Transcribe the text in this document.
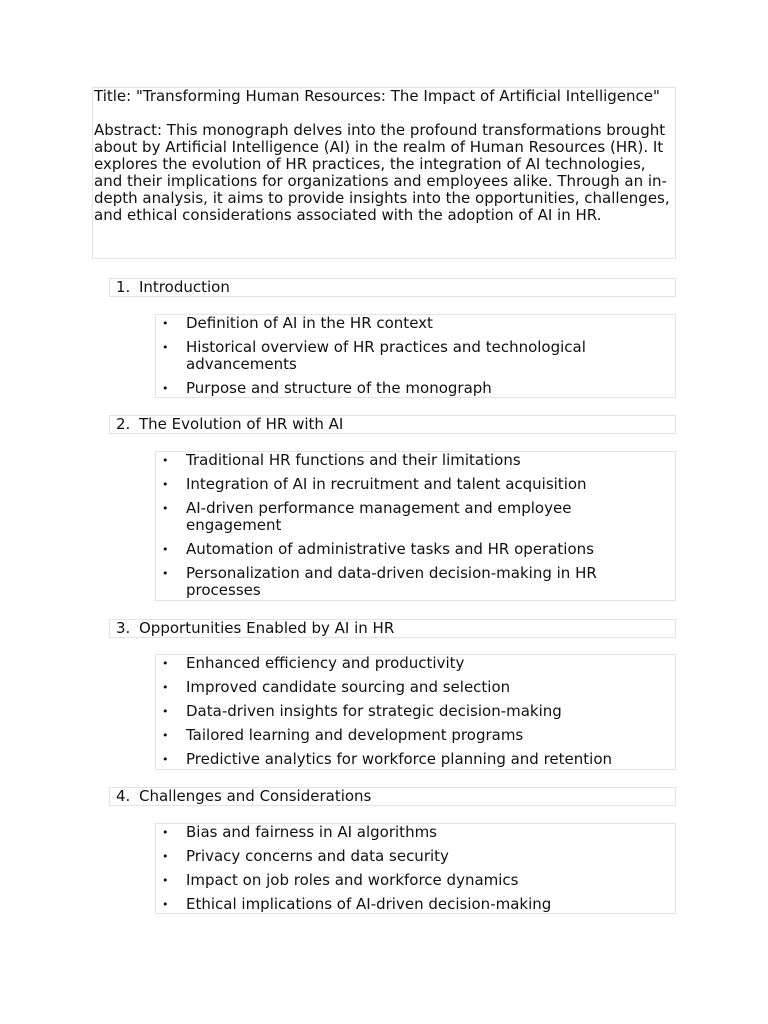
Title: "Transforming Human Resources: The Impact of Artificial Intelligence"

Abstract: This monograph delves into the profound transformations brought about by Artificial Intelligence (AI) in the realm of Human Resources (HR). It explores the evolution of HR practices, the integration of AI technologies, and their implications for organizations and employees alike. Through an in-depth analysis, it aims to provide insights into the opportunities, challenges, and ethical considerations associated with the adoption of AI in HR.

1. Introduction
• Definition of AI in the HR context
• Historical overview of HR practices and technological advancements
• Purpose and structure of the monograph
2. The Evolution of HR with AI
• Traditional HR functions and their limitations
• Integration of AI in recruitment and talent acquisition
• AI-driven performance management and employee engagement
• Automation of administrative tasks and HR operations
• Personalization and data-driven decision-making in HR processes
3. Opportunities Enabled by AI in HR
• Enhanced efficiency and productivity
• Improved candidate sourcing and selection
• Data-driven insights for strategic decision-making
• Tailored learning and development programs
• Predictive analytics for workforce planning and retention
4. Challenges and Considerations
• Bias and fairness in AI algorithms
• Privacy concerns and data security
• Impact on job roles and workforce dynamics
• Ethical implications of AI-driven decision-making
